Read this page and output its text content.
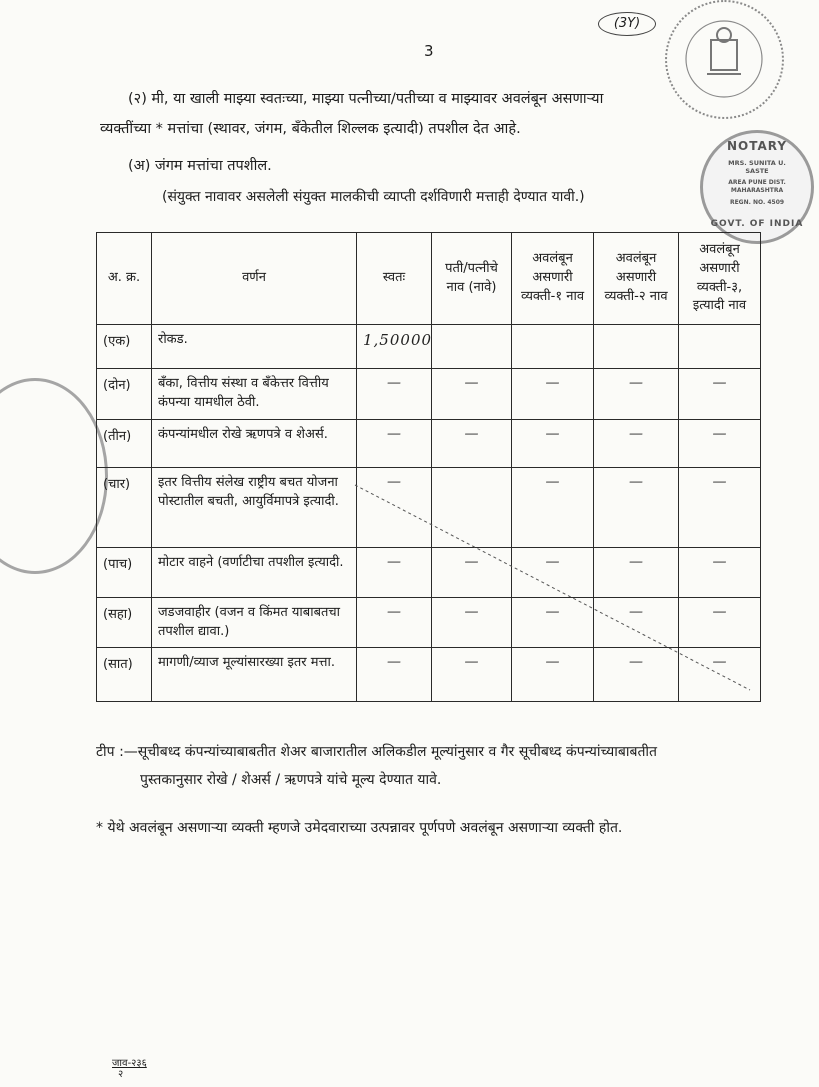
3
(3Y)
NOTARY
MRS. SUNITA U. SASTE
AREA PUNE DIST. MAHARASHTRA
REGN. NO. 4509
GOVT. OF INDIA
(२) मी, या खाली माझ्या स्वतःच्या, माझ्या पत्नीच्या/पतीच्या व माझ्यावर अवलंबून असणाऱ्या
व्यक्तींच्या * मत्तांचा (स्थावर, जंगम, बँकेतील शिल्लक इत्यादी) तपशील देत आहे.
(अ) जंगम मत्तांचा तपशील.
(संयुक्त नावावर असलेली संयुक्त मालकीची व्याप्ती दर्शविणारी मत्ताही देण्यात यावी.)
अ. क्र.	वर्णन	स्वतः	पती/पत्नीचे नाव (नावे)	अवलंबून असणारी व्यक्ती-१ नाव	अवलंबून असणारी व्यक्ती-२ नाव	अवलंबून असणारी व्यक्ती-३, इत्यादी नाव
(एक)	रोकड.	1,50000				
(दोन)	बँका, वित्तीय संस्था व बँकेत्तर वित्तीय कंपन्या यामधील ठेवी.	—	—	—	—	—
(तीन)	कंपन्यांमधील रोखे ऋणपत्रे व शेअर्स.	—	—	—	—	—
(चार)	इतर वित्तीय संलेख राष्ट्रीय बचत योजना पोस्टातील बचती, आयुर्विमापत्रे इत्यादी.	—		—	—	—
(पाच)	मोटार वाहने (वर्णाटीचा तपशील इत्यादी.	—	—	—	—	—
(सहा)	जडजवाहीर (वजन व किंमत याबाबतचा तपशील द्यावा.)	—	—	—	—	—
(सात)	मागणी/व्याज मूल्यांसारख्या इतर मत्ता.	—	—	—	—	—
टीप :—सूचीबध्द कंपन्यांच्याबाबतीत शेअर बाजारातील अलिकडील मूल्यांनुसार व गैर सूचीबध्द कंपन्यांच्याबाबतीत
पुस्तकानुसार रोखे / शेअर्स / ऋणपत्रे यांचे मूल्य देण्यात यावे.
* येथे अवलंबून असणाऱ्या व्यक्ती म्हणजे उमेदवाराच्या उत्पन्नावर पूर्णपणे अवलंबून असणाऱ्या व्यक्ती होत.
जाव-२३६
२
